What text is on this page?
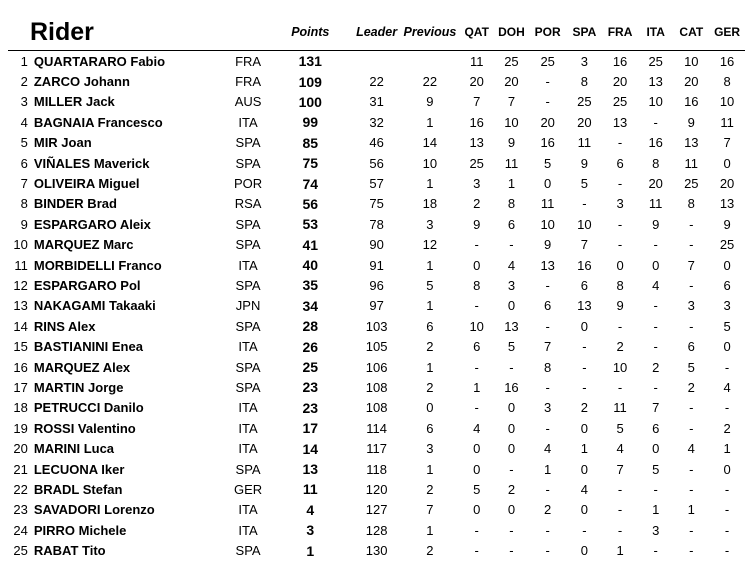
Rider			Points	Leader	Previous	QAT	DOH	POR	SPA	FRA	ITA	CAT	GER
1	QUARTARARO Fabio	FRA	131			11	25	25	3	16	25	10	16
2	ZARCO Johann	FRA	109	22	22	20	20	-	8	20	13	20	8
3	MILLER Jack	AUS	100	31	9	7	7	-	25	25	10	16	10
4	BAGNAIA Francesco	ITA	99	32	1	16	10	20	20	13	-	9	11
5	MIR Joan	SPA	85	46	14	13	9	16	11	-	16	13	7
6	VIÑALES Maverick	SPA	75	56	10	25	11	5	9	6	8	11	0
7	OLIVEIRA Miguel	POR	74	57	1	3	1	0	5	-	20	25	20
8	BINDER Brad	RSA	56	75	18	2	8	11	-	3	11	8	13
9	ESPARGARO Aleix	SPA	53	78	3	9	6	10	10	-	9	-	9
10	MARQUEZ Marc	SPA	41	90	12	-	-	9	7	-	-	-	25
11	MORBIDELLI Franco	ITA	40	91	1	0	4	13	16	0	0	7	0
12	ESPARGARO Pol	SPA	35	96	5	8	3	-	6	8	4	-	6
13	NAKAGAMI Takaaki	JPN	34	97	1	-	0	6	13	9	-	3	3
14	RINS Alex	SPA	28	103	6	10	13	-	0	-	-	-	5
15	BASTIANINI Enea	ITA	26	105	2	6	5	7	-	2	-	6	0
16	MARQUEZ Alex	SPA	25	106	1	-	-	8	-	10	2	5	-
17	MARTIN Jorge	SPA	23	108	2	1	16	-	-	-	-	2	4
18	PETRUCCI Danilo	ITA	23	108	0	-	0	3	2	11	7	-	-
19	ROSSI Valentino	ITA	17	114	6	4	0	-	0	5	6	-	2
20	MARINI Luca	ITA	14	117	3	0	0	4	1	4	0	4	1
21	LECUONA Iker	SPA	13	118	1	0	-	1	0	7	5	-	0
22	BRADL Stefan	GER	11	120	2	5	2	-	4	-	-	-	-
23	SAVADORI Lorenzo	ITA	4	127	7	0	0	2	0	-	1	1	-
24	PIRRO Michele	ITA	3	128	1	-	-	-	-	-	3	-	-
25	RABAT Tito	SPA	1	130	2	-	-	-	0	1	-	-	-
